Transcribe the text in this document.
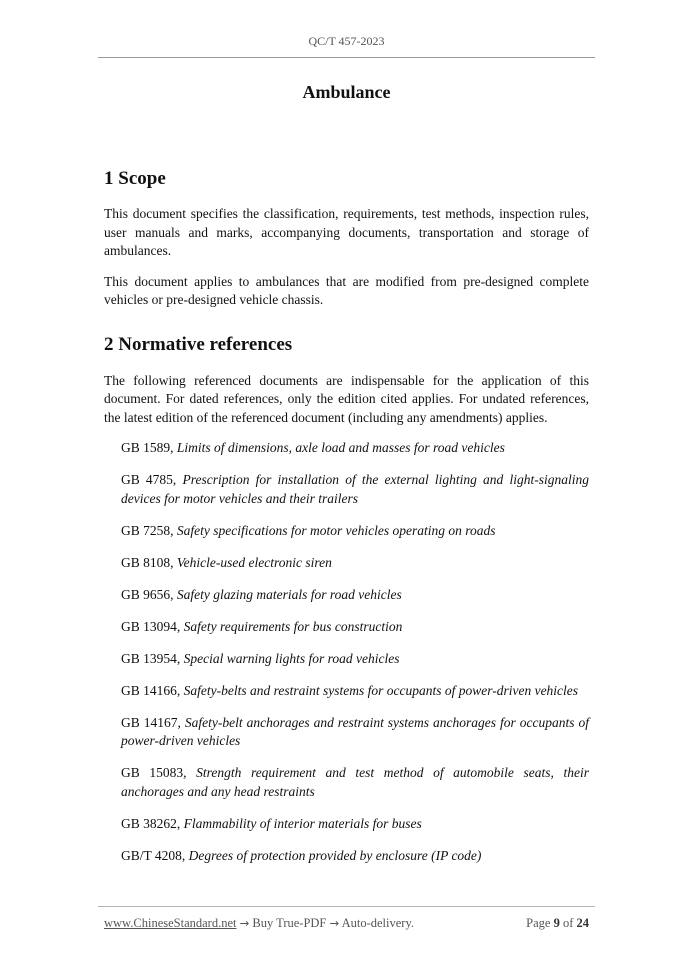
QC/T 457-2023
Ambulance
1 Scope

This document specifies the classification, requirements, test methods, inspection rules, user manuals and marks, accompanying documents, transportation and storage of ambulances.

This document applies to ambulances that are modified from pre-designed complete vehicles or pre-designed vehicle chassis.

2 Normative references

The following referenced documents are indispensable for the application of this document. For dated references, only the edition cited applies. For undated references, the latest edition of the referenced document (including any amendments) applies.

GB 1589, Limits of dimensions, axle load and masses for road vehicles

GB 4785, Prescription for installation of the external lighting and light-signaling devices for motor vehicles and their trailers

GB 7258, Safety specifications for motor vehicles operating on roads

GB 8108, Vehicle-used electronic siren

GB 9656, Safety glazing materials for road vehicles

GB 13094, Safety requirements for bus construction

GB 13954, Special warning lights for road vehicles

GB 14166, Safety-belts and restraint systems for occupants of power-driven vehicles

GB 14167, Safety-belt anchorages and restraint systems anchorages for occupants of power-driven vehicles

GB 15083, Strength requirement and test method of automobile seats, their anchorages and any head restraints

GB 38262, Flammability of interior materials for buses

GB/T 4208, Degrees of protection provided by enclosure (IP code)

www.ChineseStandard.net → Buy True-PDF → Auto-delivery.	Page 9 of 24
